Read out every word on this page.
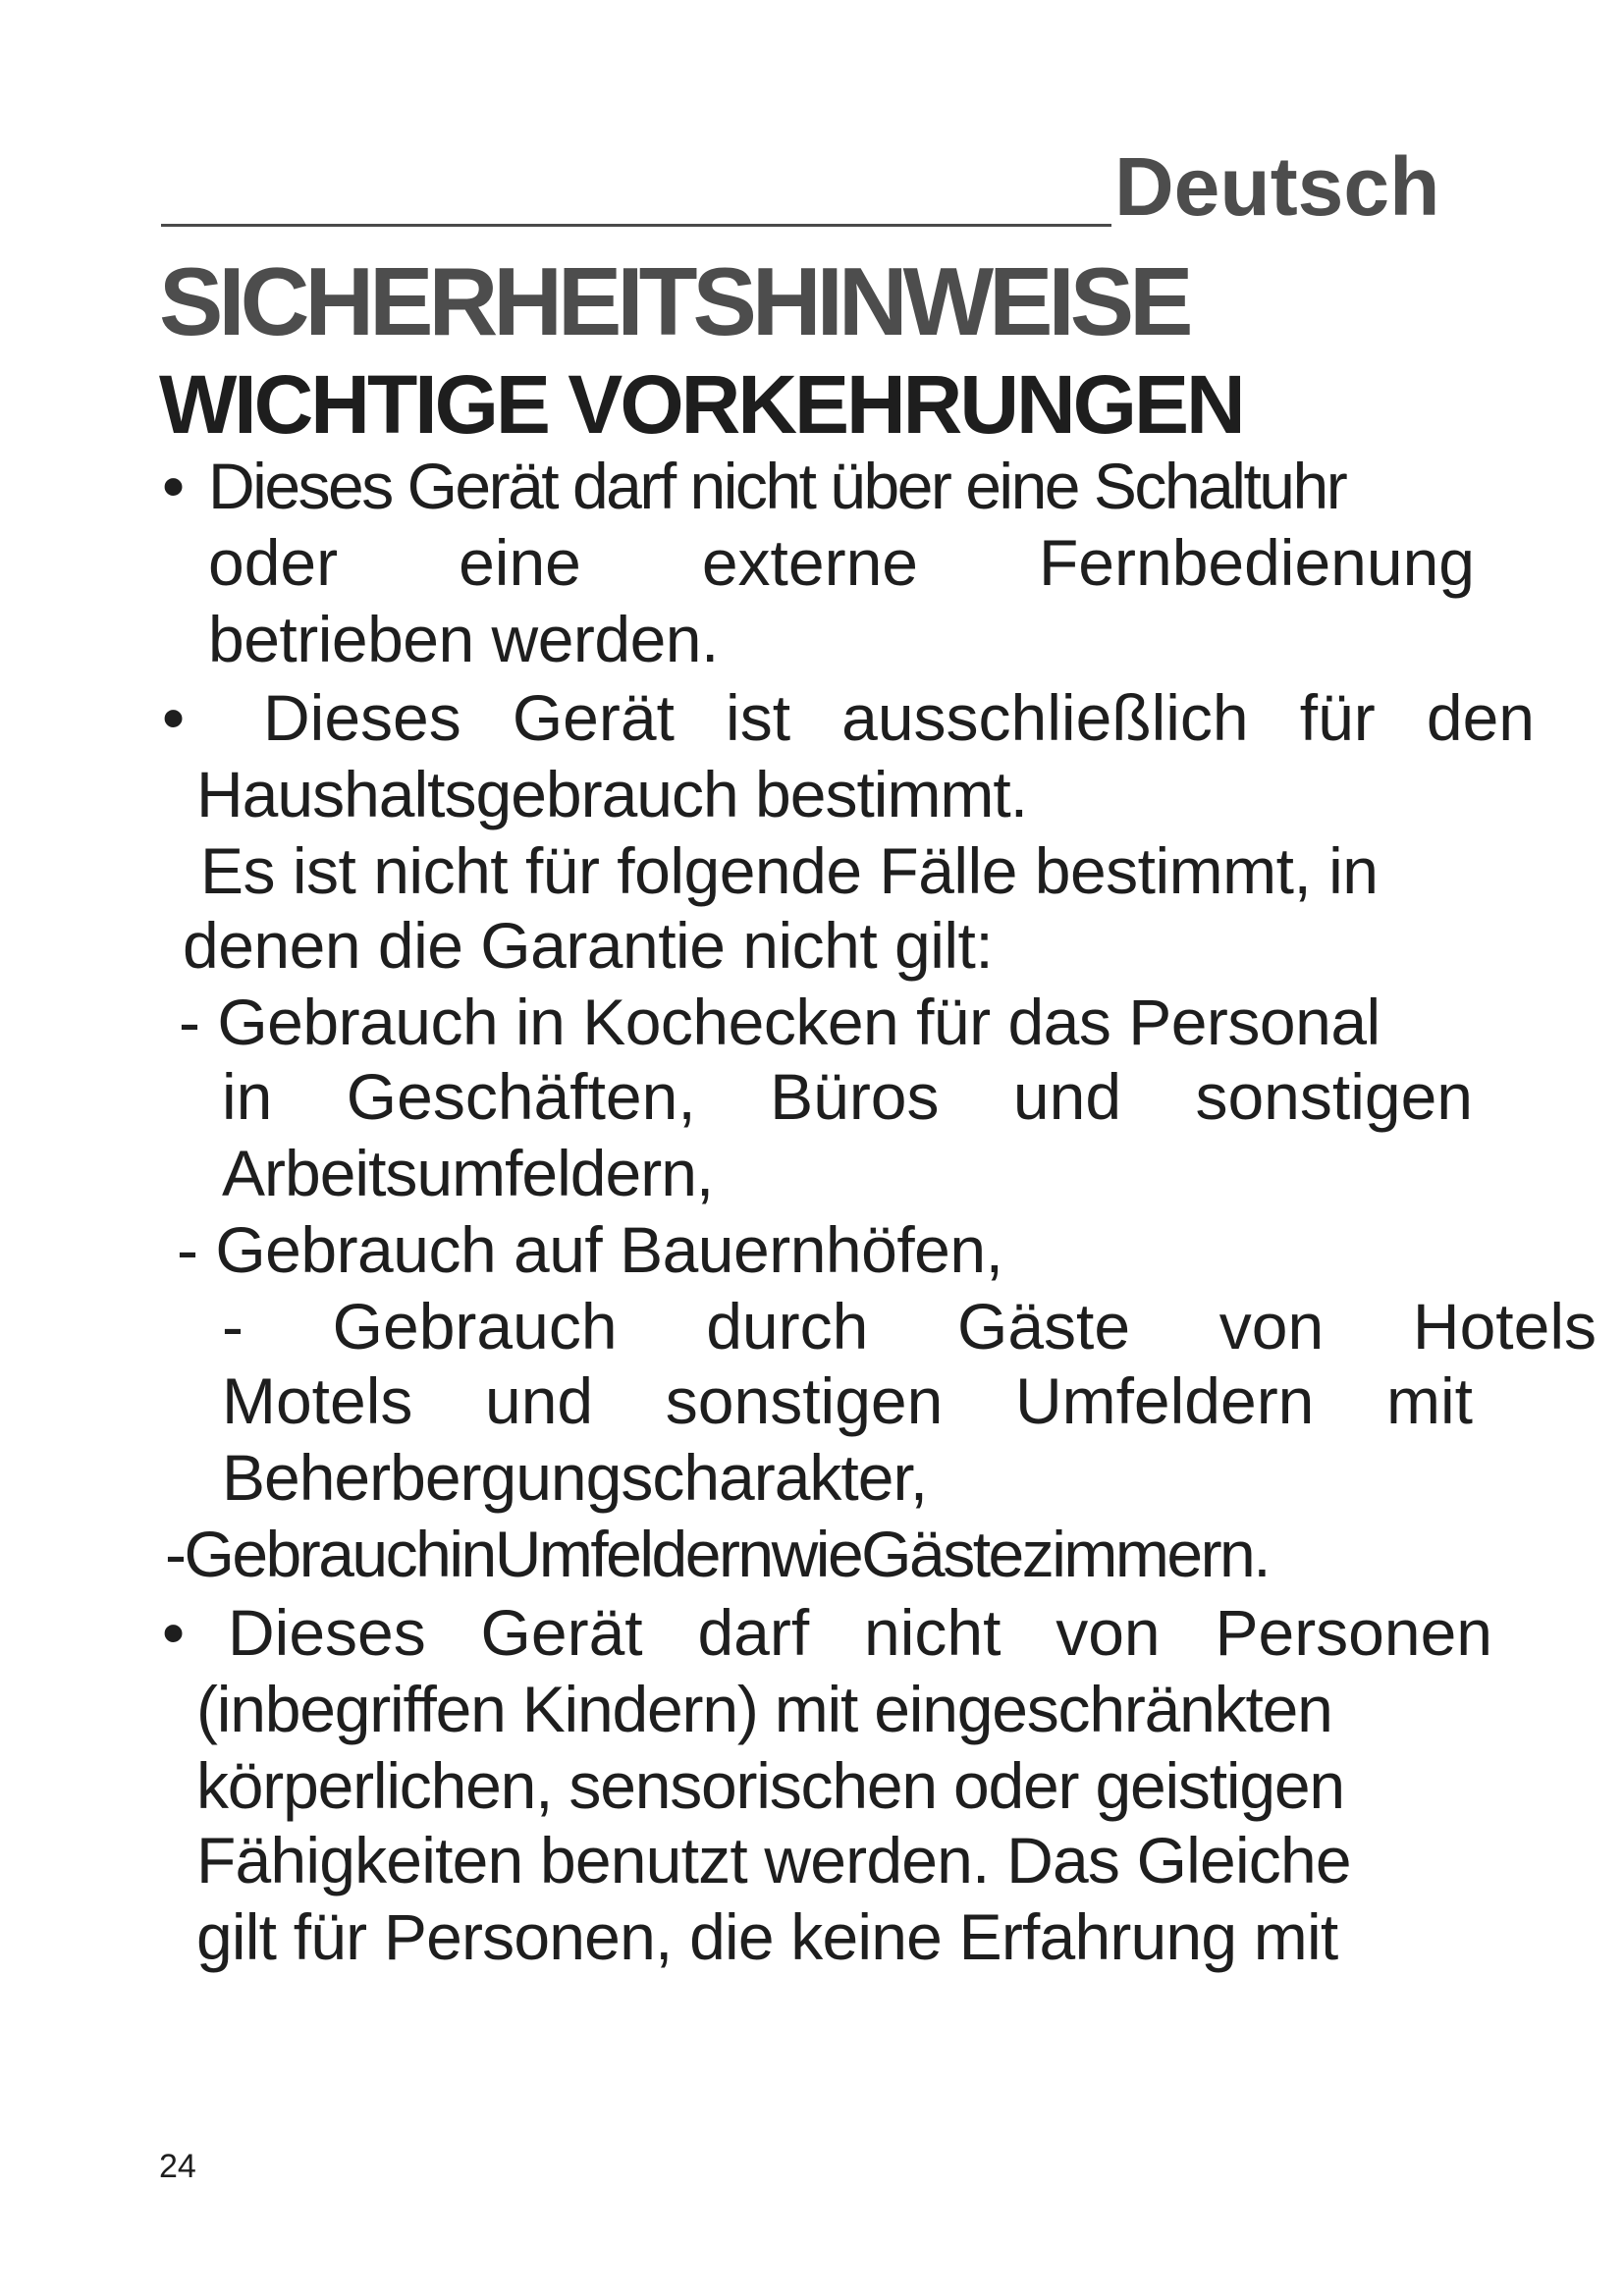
Deutsch
SICHERHEITSHINWEISE
WICHTIGE VORKEHRUNGEN
• Dieses Gerät darf nicht über eine Schaltuhr
oder eine externe Fernbedienung
betrieben werden.
• Dieses Gerät ist ausschließlich für den
Haushaltsgebrauch bestimmt.
Es ist nicht für folgende Fälle bestimmt, in
denen die Garantie nicht gilt:
- Gebrauch in Kochecken für das Personal
in Geschäften, Büros und sonstigen
Arbeitsumfeldern,
- Gebrauch auf Bauernhöfen,
- Gebrauch durch Gäste von Hotels
Motels und sonstigen Umfeldern mit
Beherbergungscharakter,
-GebrauchinUmfeldernwieGästezimmern.
• Dieses Gerät darf nicht von Personen
(inbegriffen Kindern) mit eingeschränkten
körperlichen, sensorischen oder geistigen
Fähigkeiten benutzt werden. Das Gleiche
gilt für Personen, die keine Erfahrung mit
24
